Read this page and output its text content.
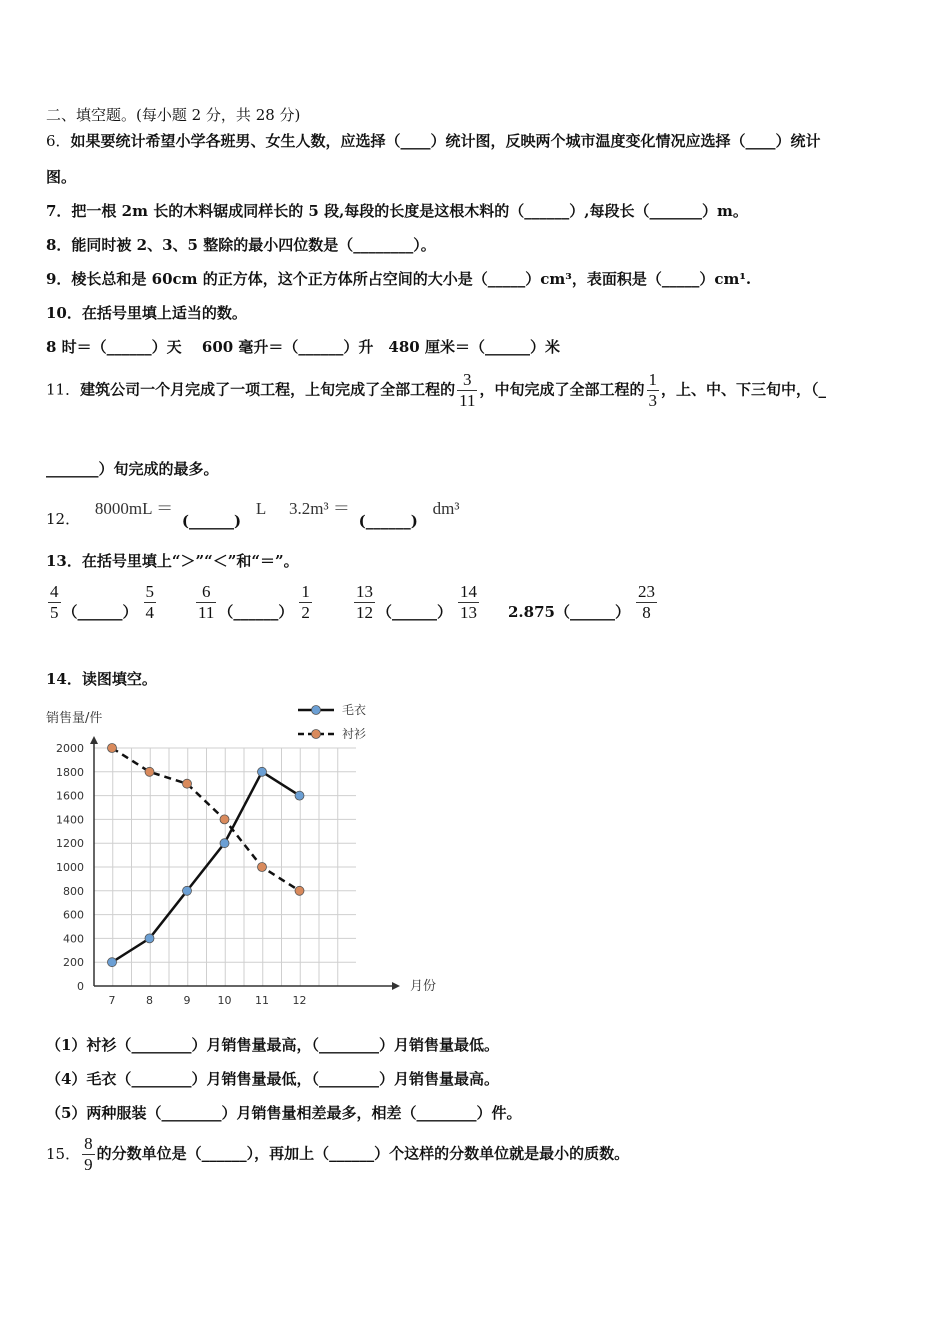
二、填空题。(每小题 2 分，共 28 分)
6．如果要统计希望小学各班男、女生人数，应选择（____）统计图，反映两个城市温度变化情况应选择（____）统计
图。
7．把一根 2m 长的木料锯成同样长的 5 段,每段的长度是这根木料的（______）,每段长（_______）m。
8．能同时被 2、3、5 整除的最小四位数是（________）。
9．棱长总和是 60cm 的正方体，这个正方体所占空间的大小是（_____）cm³，表面积是（_____）cm¹.
10．在括号里填上适当的数。
8 时＝（______）天　 600 毫升＝（______）升　480 厘米＝（______）米
11．建筑公司一个月完成了一项工程，上旬完成了全部工程的 $\frac{3}{11}$ ，中旬完成了全部工程的 $\frac{1}{3}$ ，上、中、下三旬中，（_
_______）旬完成的最多。
12． 8000mL ＝ (______) L 3.2m³ ＝ (______) dm³
13．在括号里填上“＞”“＜”和“＝”。
$\frac{4}{5}$ （______） $\frac{5}{4} \frac{6}{11}$ （______） $\frac{1}{2} \frac{13}{12}$ （______） $\frac{14}{13}$ 2.875（______） $\frac{23}{8}$
14．读图填空。
0
200
400
600
800
1000
1200
1400
1600
1800
2000
7	8	9 10 11 12
销售量/件
月份
毛衣
衬衫
（1）衬衫（________）月销售量最高，（________）月销售量最低。
（4）毛衣（________）月销售量最低，（________）月销售量最高。
（5）两种服装（________）月销售量相差最多，相差（________）件。
15． $\frac{8}{9}$ 的分数单位是（______），再加上（______）个这样的分数单位就是最小的质数。
